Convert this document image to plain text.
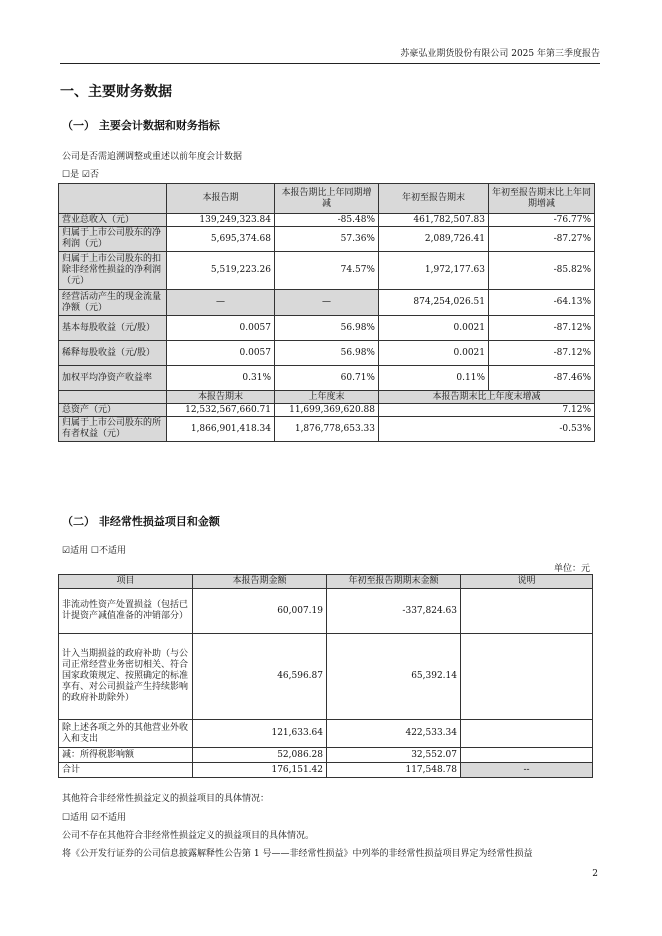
苏豪弘业期货股份有限公司 2025 年第三季度报告
一、主要财务数据
（一） 主要会计数据和财务指标
公司是否需追溯调整或重述以前年度会计数据
☐是 ☑否
	本报告期	本报告期比上年同期增减	年初至报告期末	年初至报告期末比上年同期增减
营业总收入（元）	139,249,323.84	-85.48%	461,782,507.83	-76.77%
归属于上市公司股东的净利润（元）	5,695,374.68	57.36%	2,089,726.41	-87.27%
归属于上市公司股东的扣除非经常性损益的净利润（元）	5,519,223.26	74.57%	1,972,177.63	-85.82%
经营活动产生的现金流量净额（元）	—	—	874,254,026.51	-64.13%
基本每股收益（元/股）	0.0057	56.98%	0.0021	-87.12%
稀释每股收益（元/股）	0.0057	56.98%	0.0021	-87.12%
加权平均净资产收益率	0.31%	60.71%	0.11%	-87.46%
	本报告期末	上年度末	本报告期末比上年度末增减	
总资产（元）	12,532,567,660.71	11,699,369,620.88	7.12%	
归属于上市公司股东的所有者权益（元）	1,866,901,418.34	1,876,778,653.33	-0.53%	
（二） 非经常性损益项目和金额
☑适用 ☐不适用
单位：元
项目	本报告期金额	年初至报告期期末金额	说明
非流动性资产处置损益（包括已计提资产减值准备的冲销部分）	60,007.19	-337,824.63	
计入当期损益的政府补助（与公司正常经营业务密切相关、符合国家政策规定、按照确定的标准享有、对公司损益产生持续影响的政府补助除外）	46,596.87	65,392.14	
除上述各项之外的其他营业外收入和支出	121,633.64	422,533.34	
减：所得税影响额	52,086.28	32,552.07	
合计	176,151.42	117,548.78	--
其他符合非经常性损益定义的损益项目的具体情况：
☐适用 ☑不适用
公司不存在其他符合非经常性损益定义的损益项目的具体情况。
将《公开发行证券的公司信息披露解释性公告第 1 号——非经常性损益》中列举的非经常性损益项目界定为经常性损益
2
